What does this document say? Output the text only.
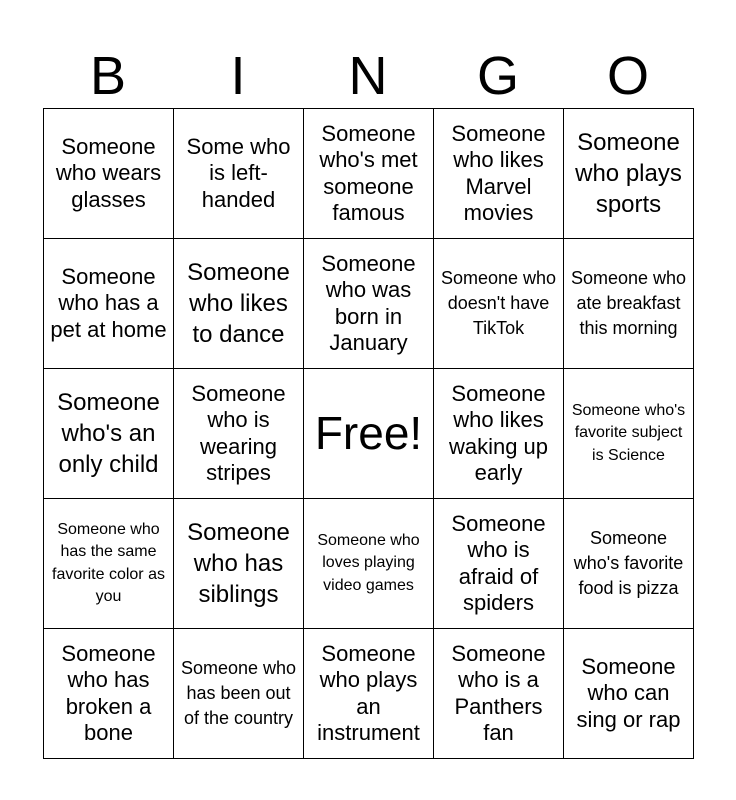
B	I	N	G	O
Someone who wears glasses	Some who is left-handed	Someone who's met someone famous	Someone who likes Marvel movies	Someone who plays sports
Someone who has a pet at home	Someone who likes to dance	Someone who was born in January	Someone who doesn't have TikTok	Someone who ate breakfast this morning
Someone who's an only child	Someone who is wearing stripes	Free!	Someone who likes waking up early	Someone who's favorite subject is Science
Someone who has the same favorite color as you	Someone who has siblings	Someone who loves playing video games	Someone who is afraid of spiders	Someone who's favorite food is pizza
Someone who has broken a bone	Someone who has been out of the country	Someone who plays an instrument	Someone who is a Panthers fan	Someone who can sing or rap
